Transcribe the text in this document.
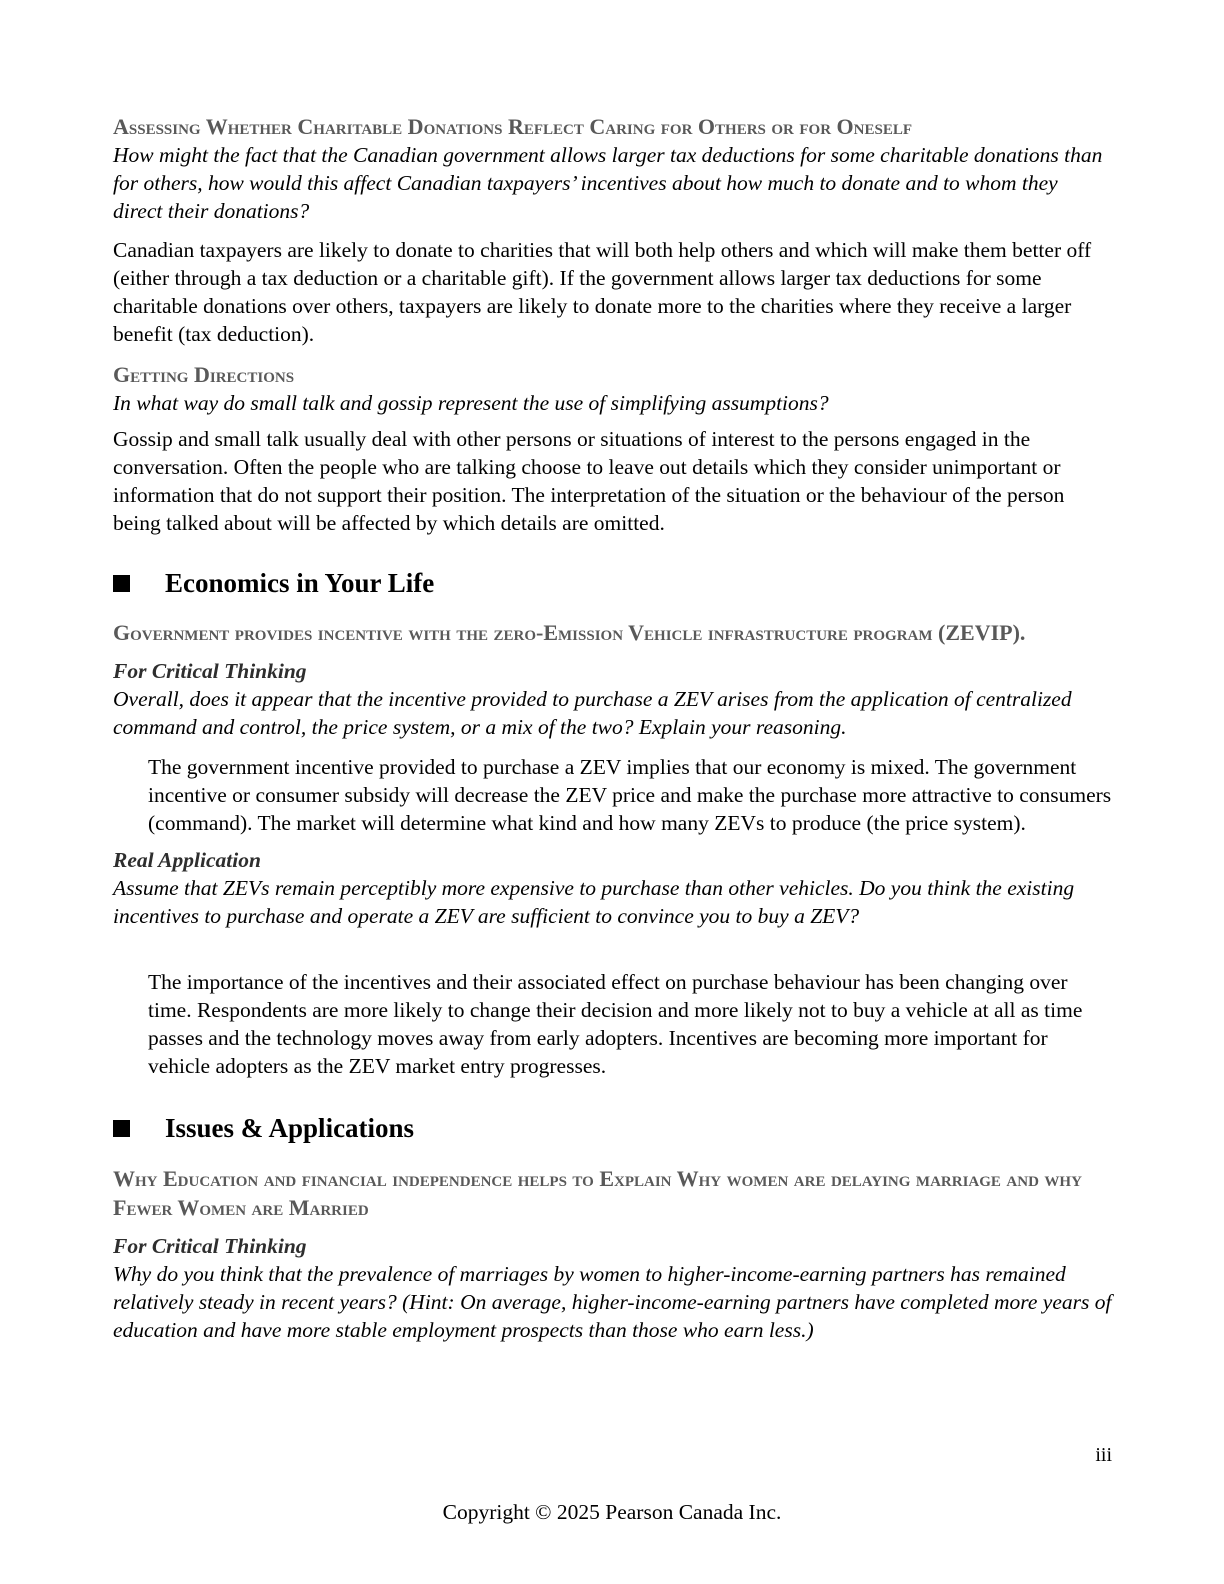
Assessing Whether Charitable Donations Reflect Caring for Others or for Oneself

How might the fact that the Canadian government allows larger tax deductions for some charitable donations than for others, how would this affect Canadian taxpayers’ incentives about how much to donate and to whom they direct their donations?

Canadian taxpayers are likely to donate to charities that will both help others and which will make them better off (either through a tax deduction or a charitable gift). If the government allows larger tax deductions for some charitable donations over others, taxpayers are likely to donate more to the charities where they receive a larger benefit (tax deduction).

Getting Directions

In what way do small talk and gossip represent the use of simplifying assumptions?

Gossip and small talk usually deal with other persons or situations of interest to the persons engaged in the conversation. Often the people who are talking choose to leave out details which they consider unimportant or information that do not support their position. The interpretation of the situation or the behaviour of the person being talked about will be affected by which details are omitted.

Economics in Your Life

Government provides incentive with the zero-Emission Vehicle infrastructure program (ZEVIP).

For Critical Thinking

Overall, does it appear that the incentive provided to purchase a ZEV arises from the application of centralized command and control, the price system, or a mix of the two? Explain your reasoning.

The government incentive provided to purchase a ZEV implies that our economy is mixed. The government incentive or consumer subsidy will decrease the ZEV price and make the purchase more attractive to consumers (command). The market will determine what kind and how many ZEVs to produce (the price system).

Real Application

Assume that ZEVs remain perceptibly more expensive to purchase than other vehicles. Do you think the existing incentives to purchase and operate a ZEV are sufficient to convince you to buy a ZEV?

The importance of the incentives and their associated effect on purchase behaviour has been changing over time. Respondents are more likely to change their decision and more likely not to buy a vehicle at all as time passes and the technology moves away from early adopters. Incentives are becoming more important for vehicle adopters as the ZEV market entry progresses.

Issues & Applications

Why Education and financial independence helps to Explain Why women are delaying marriage and why Fewer Women are Married

For Critical Thinking

Why do you think that the prevalence of marriages by women to higher-income-earning partners has remained relatively steady in recent years? (Hint: On average, higher-income-earning partners have completed more years of education and have more stable employment prospects than those who earn less.)

iii
Copyright © 2025 Pearson Canada Inc.
